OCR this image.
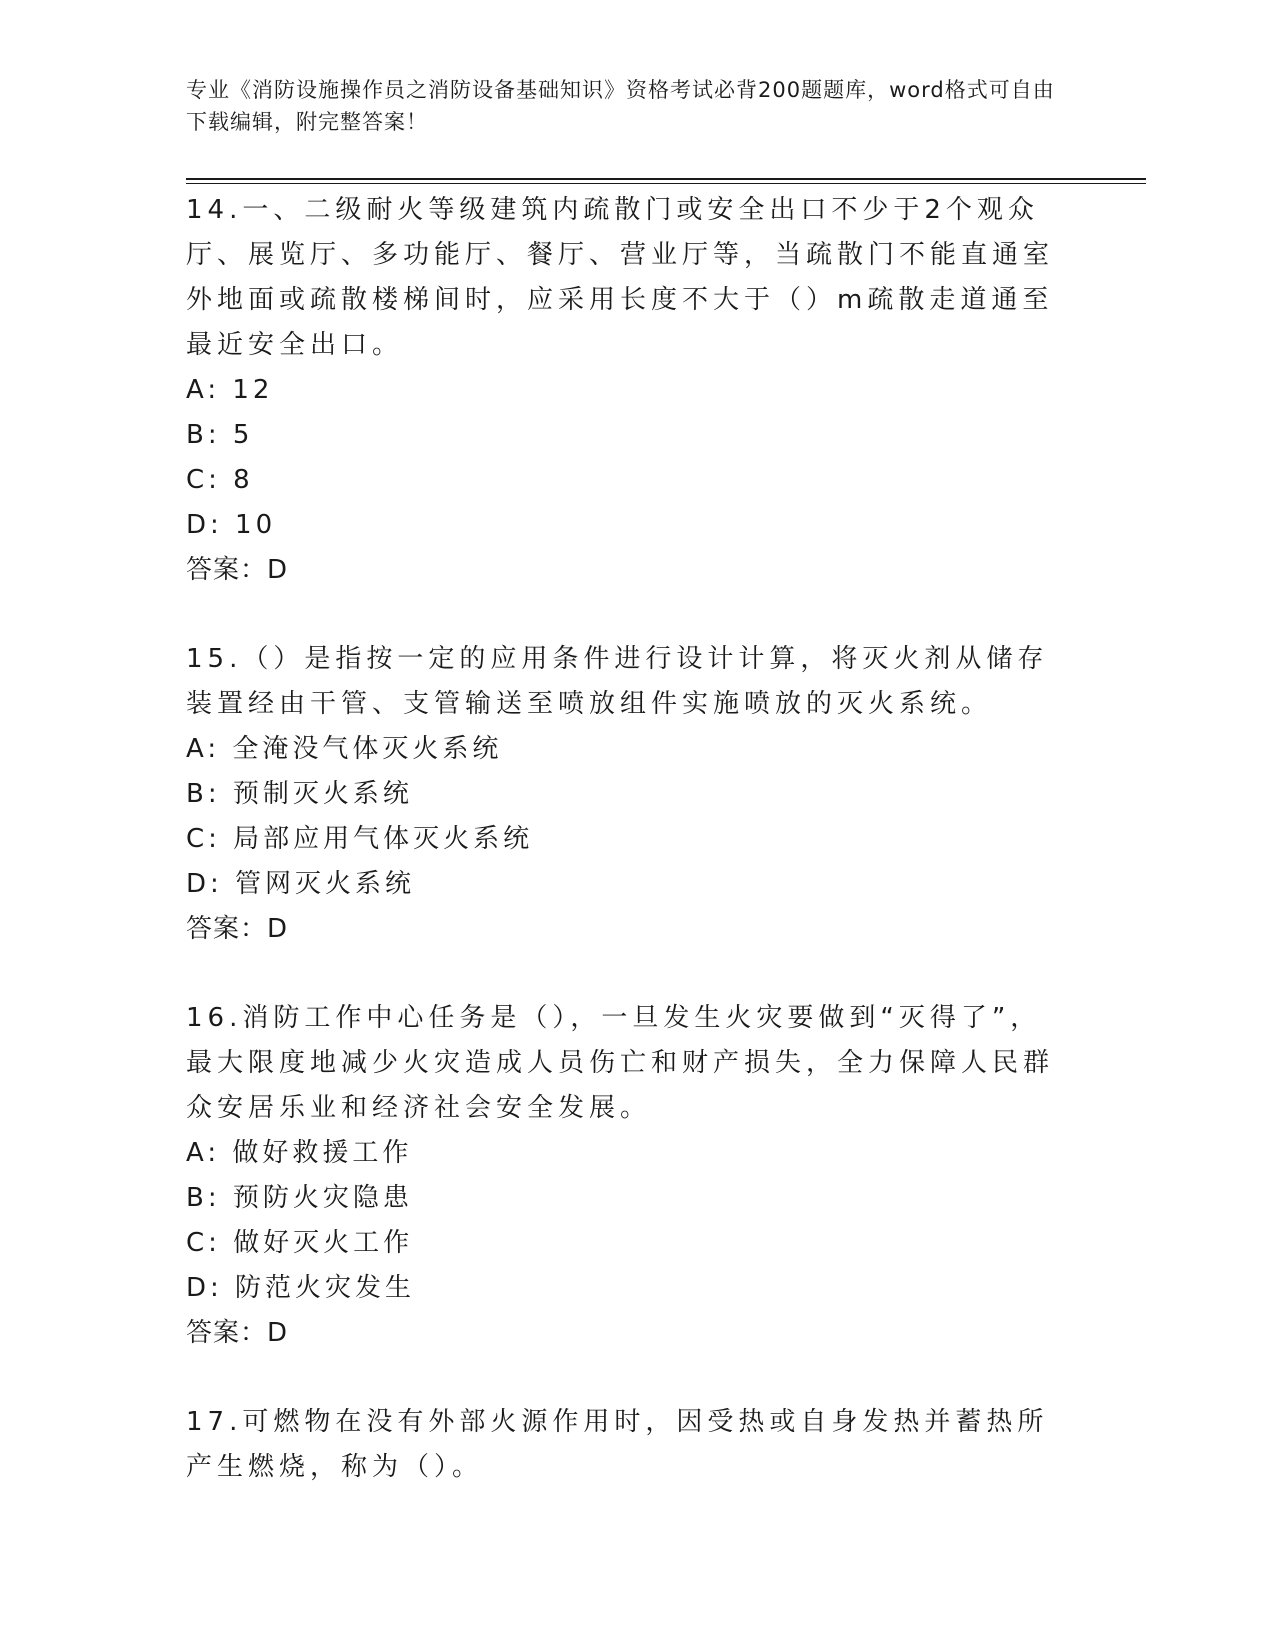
专业《消防设施操作员之消防设备基础知识》资格考试必背200题题库，word格式可自由下载编辑，附完整答案！

14.一、二级耐火等级建筑内疏散门或安全出口不少于2个观众厅、展览厅、多功能厅、餐厅、营业厅等，当疏散门不能直通室外地面或疏散楼梯间时，应采用长度不大于（）m疏散走道通至最近安全出口。

A: 12

B: 5

C: 8

D: 10

答案：D

15.（）是指按一定的应用条件进行设计计算，将灭火剂从储存装置经由干管、支管输送至喷放组件实施喷放的灭火系统。

A: 全淹没气体灭火系统

B: 预制灭火系统

C: 局部应用气体灭火系统

D: 管网灭火系统

答案：D

16.消防工作中心任务是（），一旦发生火灾要做到“灭得了”，最大限度地减少火灾造成人员伤亡和财产损失，全力保障人民群众安居乐业和经济社会安全发展。

A: 做好救援工作

B: 预防火灾隐患

C: 做好灭火工作

D: 防范火灾发生

答案：D

17.可燃物在没有外部火源作用时，因受热或自身发热并蓄热所产生燃烧，称为（）。
